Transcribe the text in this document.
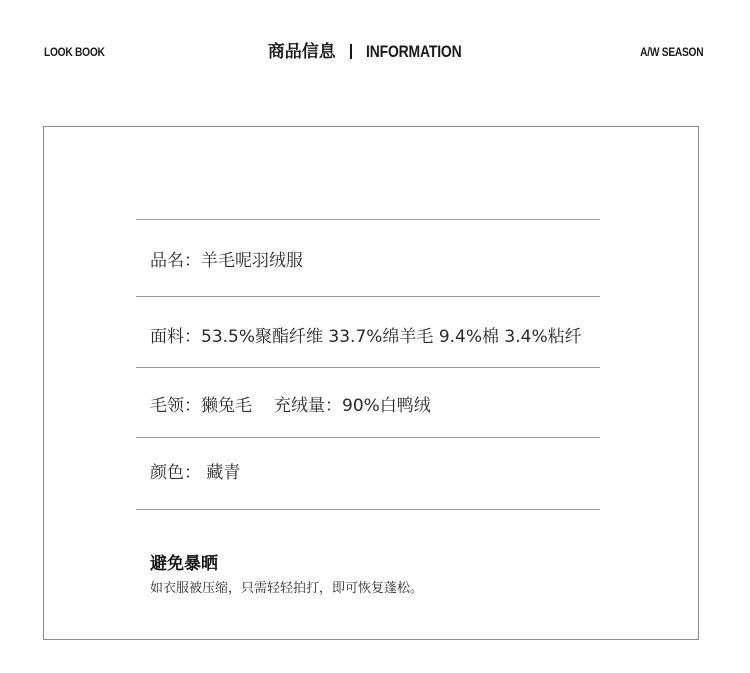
LOOK BOOK	商品信息 INFORMATION	A/W SEASON
品名：羊毛呢羽绒服
面料：53.5%聚酯纤维 33.7%绵羊毛 9.4%棉 3.4%粘纤
毛领：獭兔毛 充绒量：90%白鸭绒
颜色： 藏青
避免暴晒
如衣服被压缩，只需轻轻拍打，即可恢复蓬松。
